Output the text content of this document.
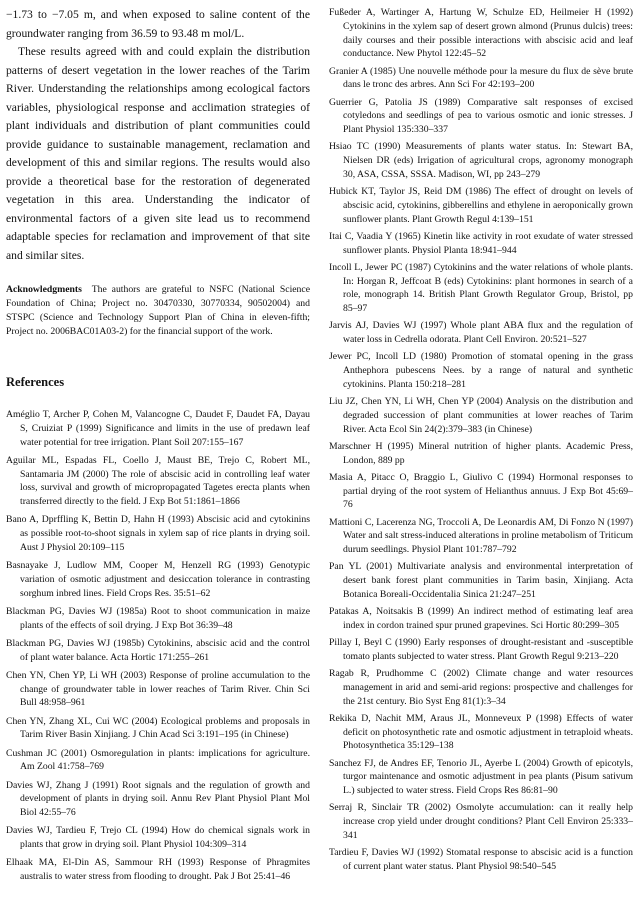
−1.73 to −7.05 m, and when exposed to saline content of the groundwater ranging from 36.59 to 93.48 m mol/L.

These results agreed with and could explain the distribution patterns of desert vegetation in the lower reaches of the Tarim River. Understanding the relationships among ecological factors variables, physiological response and acclimation strategies of plant individuals and distribution of plant communities could provide guidance to sustainable management, reclamation and development of this and similar regions. The results would also provide a theoretical base for the restoration of degenerated vegetation in this area. Understanding the indicator of environmental factors of a given site lead us to recommend adaptable species for reclamation and improvement of that site and similar sites.

Acknowledgments The authors are grateful to NSFC (National Science Foundation of China; Project no. 30470330, 30770334, 90502004) and STSPC (Science and Technology Support Plan of China in eleven-fifth; Project no. 2006BAC01A03-2) for the financial support of the work.

References
Améglio T, Archer P, Cohen M, Valancogne C, Daudet F, Daudet FA, Dayau S, Cruiziat P (1999) Significance and limits in the use of predawn leaf water potential for tree irrigation. Plant Soil 207:155–167
Aguilar ML, Espadas FL, Coello J, Maust BE, Trejo C, Robert ML, Santamaria JM (2000) The role of abscisic acid in controlling leaf water loss, survival and growth of micropropagated Tagetes erecta plants when transferred directly to the field. J Exp Bot 51:1861–1866
Bano A, Dprffling K, Bettin D, Hahn H (1993) Abscisic acid and cytokinins as possible root-to-shoot signals in xylem sap of rice plants in drying soil. Aust J Physiol 20:109–115
Basnayake J, Ludlow MM, Cooper M, Henzell RG (1993) Genotypic variation of osmotic adjustment and desiccation tolerance in contrasting sorghum inbred lines. Field Crops Res. 35:51–62
Blackman PG, Davies WJ (1985a) Root to shoot communication in maize plants of the effects of soil drying. J Exp Bot 36:39–48
Blackman PG, Davies WJ (1985b) Cytokinins, abscisic acid and the control of plant water balance. Acta Hortic 171:255–261
Chen YN, Chen YP, Li WH (2003) Response of proline accumulation to the change of groundwater table in lower reaches of Tarim River. Chin Sci Bull 48:958–961
Chen YN, Zhang XL, Cui WC (2004) Ecological problems and proposals in Tarim River Basin Xinjiang. J Chin Acad Sci 3:191–195 (in Chinese)
Cushman JC (2001) Osmoregulation in plants: implications for agriculture. Am Zool 41:758–769
Davies WJ, Zhang J (1991) Root signals and the regulation of growth and development of plants in drying soil. Annu Rev Plant Physiol Plant Mol Biol 42:55–76
Davies WJ, Tardieu F, Trejo CL (1994) How do chemical signals work in plants that grow in drying soil. Plant Physiol 104:309–314
Elhaak MA, El-Din AS, Sammour RH (1993) Response of Phragmites australis to water stress from flooding to drought. Pak J Bot 25:41–46
Fußeder A, Wartinger A, Hartung W, Schulze ED, Heilmeier H (1992) Cytokinins in the xylem sap of desert grown almond (Prunus dulcis) trees: daily courses and their possible interactions with abscisic acid and leaf conductance. New Phytol 122:45–52
Granier A (1985) Une nouvelle méthode pour la mesure du flux de sève brute dans le tronc des arbres. Ann Sci For 42:193–200
Guerrier G, Patolia JS (1989) Comparative salt responses of excised cotyledons and seedlings of pea to various osmotic and ionic stresses. J Plant Physiol 135:330–337
Hsiao TC (1990) Measurements of plants water status. In: Stewart BA, Nielsen DR (eds) Irrigation of agricultural crops, agronomy monograph 30, ASA, CSSA, SSSA. Madison, WI, pp 243–279
Hubick KT, Taylor JS, Reid DM (1986) The effect of drought on levels of abscisic acid, cytokinins, gibberellins and ethylene in aeroponically grown sunflower plants. Plant Growth Regul 4:139–151
Itai C, Vaadia Y (1965) Kinetin like activity in root exudate of water stressed sunflower plants. Physiol Planta 18:941–944
Incoll L, Jewer PC (1987) Cytokinins and the water relations of whole plants. In: Horgan R, Jeffcoat B (eds) Cytokinins: plant hormones in search of a role, monograph 14. British Plant Growth Regulator Group, Bristol, pp 85–97
Jarvis AJ, Davies WJ (1997) Whole plant ABA flux and the regulation of water loss in Cedrella odorata. Plant Cell Environ. 20:521–527
Jewer PC, Incoll LD (1980) Promotion of stomatal opening in the grass Anthephora pubescens Nees. by a range of natural and synthetic cytokinins. Planta 150:218–281
Liu JZ, Chen YN, Li WH, Chen YP (2004) Analysis on the distribution and degraded succession of plant communities at lower reaches of Tarim River. Acta Ecol Sin 24(2):379–383 (in Chinese)
Marschner H (1995) Mineral nutrition of higher plants. Academic Press, London, 889 pp
Masia A, Pitacc O, Braggio L, Giulivo C (1994) Hormonal responses to partial drying of the root system of Helianthus annuus. J Exp Bot 45:69–76
Mattioni C, Lacerenza NG, Troccoli A, De Leonardis AM, Di Fonzo N (1997) Water and salt stress-induced alterations in proline metabolism of Triticum durum seedlings. Physiol Plant 101:787–792
Pan YL (2001) Multivariate analysis and environmental interpretation of desert bank forest plant communities in Tarim basin, Xinjiang. Acta Botanica Boreali-Occidentalia Sinica 21:247–251
Patakas A, Noitsakis B (1999) An indirect method of estimating leaf area index in cordon trained spur pruned grapevines. Sci Hortic 80:299–305
Pillay I, Beyl C (1990) Early responses of drought-resistant and -susceptible tomato plants subjected to water stress. Plant Growth Regul 9:213–220
Ragab R, Prudhomme C (2002) Climate change and water resources management in arid and semi-arid regions: prospective and challenges for the 21st century. Bio Syst Eng 81(1):3–34
Rekika D, Nachit MM, Araus JL, Monneveux P (1998) Effects of water deficit on photosynthetic rate and osmotic adjustment in tetraploid wheats. Photosynthetica 35:129–138
Sanchez FJ, de Andres EF, Tenorio JL, Ayerbe L (2004) Growth of epicotyls, turgor maintenance and osmotic adjustment in pea plants (Pisum sativum L.) subjected to water stress. Field Crops Res 86:81–90
Serraj R, Sinclair TR (2002) Osmolyte accumulation: can it really help increase crop yield under drought conditions? Plant Cell Environ 25:333–341
Tardieu F, Davies WJ (1992) Stomatal response to abscisic acid is a function of current plant water status. Plant Physiol 98:540–545
